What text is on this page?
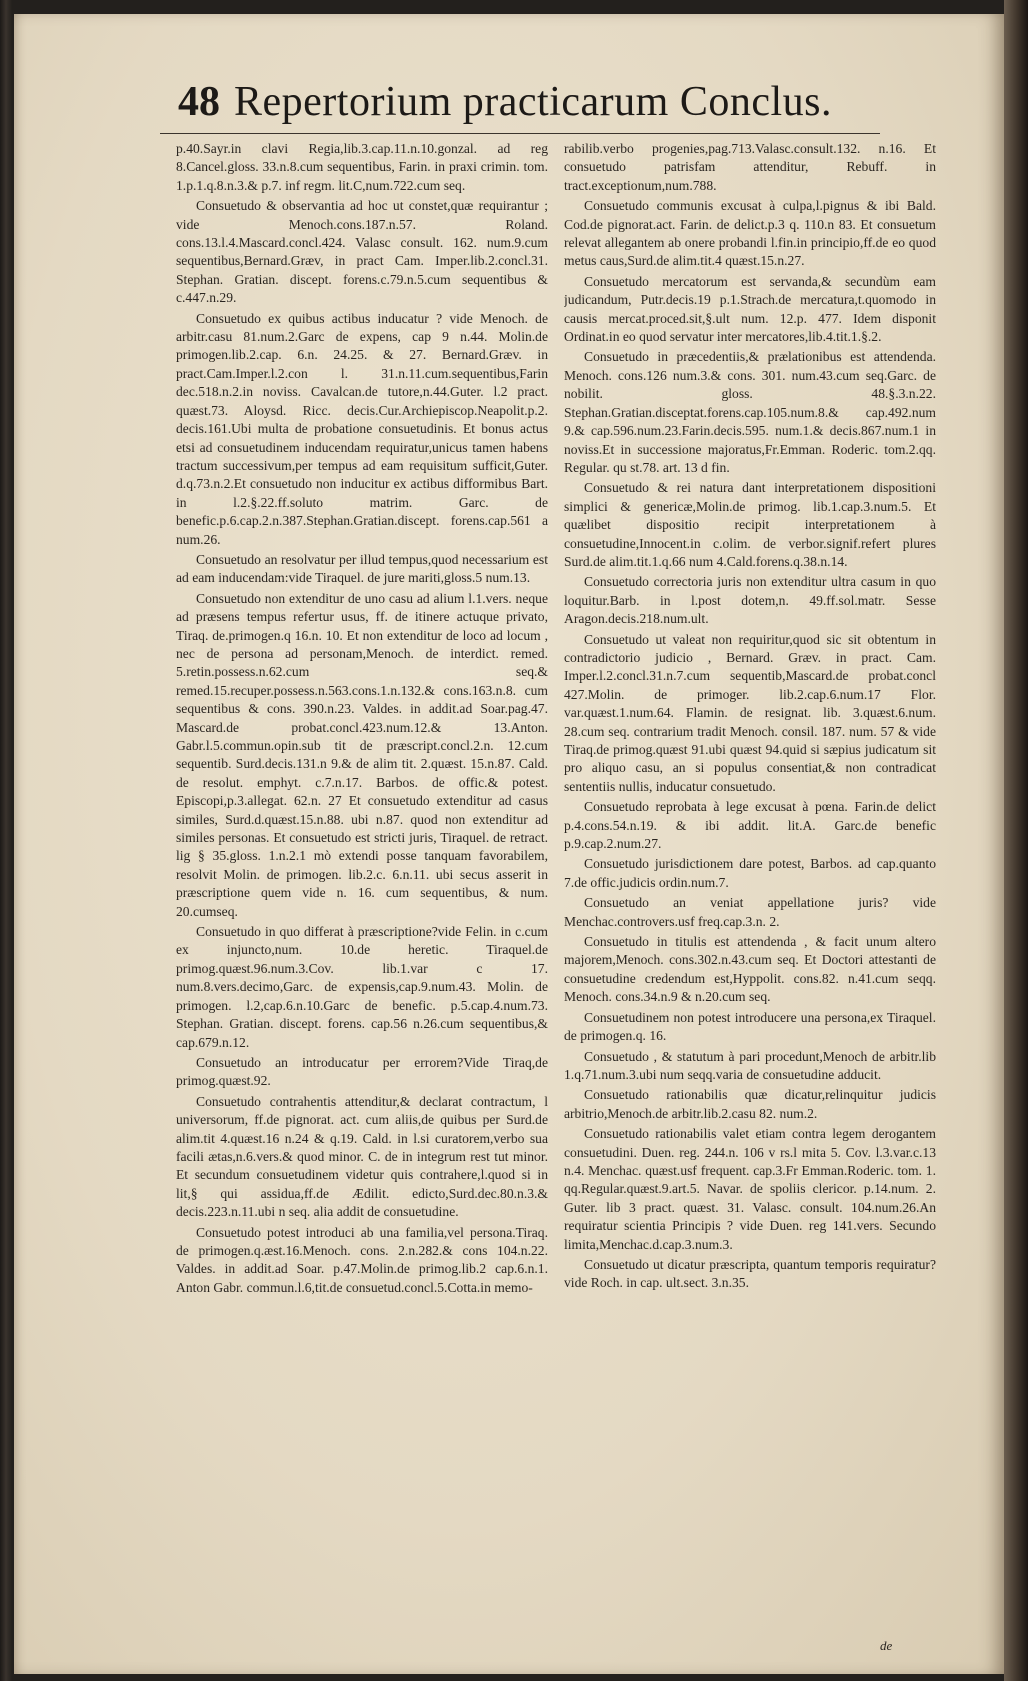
48 Repertorium practicarum Conclus.

p.40.Sayr.in clavi Regia,lib.3.cap.11.n.10.gonzal. ad reg 8.Cancel.gloss. 33.n.8.cum sequentibus, Farin. in praxi crimin. tom. 1.p.1.q.8.n.3.& p.7. inf regm. lit.C,num.722.cum seq.

Consuetudo & observantia ad hoc ut constet,quæ requirantur ; vide Menoch.cons.187.n.57. Roland. cons.13.l.4.Mascard.concl.424. Valasc consult. 162. num.9.cum sequentibus,Bernard.Græv, in pract Cam. Imper.lib.2.concl.31. Stephan. Gratian. discept. forens.c.79.n.5.cum sequentibus & c.447.n.29.

Consuetudo ex quibus actibus inducatur ? vide Menoch. de arbitr.casu 81.num.2.Garc de expens, cap 9 n.44. Molin.de primogen.lib.2.cap. 6.n. 24.25. & 27. Bernard.Græv. in pract.Cam.Imper.l.2.con l. 31.n.11.cum.sequentibus,Farin dec.518.n.2.in noviss. Cavalcan.de tutore,n.44.Guter. l.2 pract. quæst.73. Aloysd. Ricc. decis.Cur.Archiepiscop.Neapolit.p.2. decis.161.Ubi multa de probatione consuetudinis. Et bonus actus etsi ad consuetudinem inducendam requiratur,unicus tamen habens tractum successivum,per tempus ad eam requisitum sufficit,Guter. d.q.73.n.2.Et consuetudo non inducitur ex actibus difformibus Bart. in l.2.§.22.ff.soluto matrim. Garc. de benefic.p.6.cap.2.n.387.Stephan.Gratian.discept. forens.cap.561 a num.26.

Consuetudo an resolvatur per illud tempus,quod necessarium est ad eam inducendam:vide Tiraquel. de jure mariti,gloss.5 num.13.

Consuetudo non extenditur de uno casu ad alium l.1.vers. neque ad præsens tempus refertur usus, ff. de itinere actuque privato, Tiraq. de.primogen.q 16.n. 10. Et non extenditur de loco ad locum , nec de persona ad personam,Menoch. de interdict. remed. 5.retin.possess.n.62.cum seq.& remed.15.recuper.possess.n.563.cons.1.n.132.& cons.163.n.8. cum sequentibus & cons. 390.n.23. Valdes. in addit.ad Soar.pag.47. Mascard.de probat.concl.423.num.12.& 13.Anton. Gabr.l.5.commun.opin.sub tit de præscript.concl.2.n. 12.cum sequentib. Surd.decis.131.n 9.& de alim tit. 2.quæst. 15.n.87. Cald. de resolut. emphyt. c.7.n.17. Barbos. de offic.& potest. Episcopi,p.3.allegat. 62.n. 27 Et consuetudo extenditur ad casus similes, Surd.d.quæst.15.n.88. ubi n.87. quod non extenditur ad similes personas. Et consuetudo est stricti juris, Tiraquel. de retract. lig § 35.gloss. 1.n.2.1 mò extendi posse tanquam favorabilem, resolvit Molin. de primogen. lib.2.c. 6.n.11. ubi secus asserit in præscriptione quem vide n. 16. cum sequentibus, & num. 20.cumseq.

Consuetudo in quo differat à præscriptione?vide Felin. in c.cum ex injuncto,num. 10.de heretic. Tiraquel.de primog.quæst.96.num.3.Cov. lib.1.var c 17. num.8.vers.decimo,Garc. de expensis,cap.9.num.43. Molin. de primogen. l.2,cap.6.n.10.Garc de benefic. p.5.cap.4.num.73. Stephan. Gratian. discept. forens. cap.56 n.26.cum sequentibus,& cap.679.n.12.

Consuetudo an introducatur per errorem?Vide Tiraq,de primog.quæst.92.

Consuetudo contrahentis attenditur,& declarat contractum, l universorum, ff.de pignorat. act. cum aliis,de quibus per Surd.de alim.tit 4.quæst.16 n.24 & q.19. Cald. in l.si curatorem,verbo sua facili ætas,n.6.vers.& quod minor. C. de in integrum rest tut minor. Et secundum consuetudinem videtur quis contrahere,l.quod si in lit,§ qui assidua,ff.de Ædilit. edicto,Surd.dec.80.n.3.& decis.223.n.11.ubi n seq. alia addit de consuetudine.

Consuetudo potest introduci ab una familia,vel persona.Tiraq. de primogen.q.æst.16.Menoch. cons. 2.n.282.& cons 104.n.22. Valdes. in addit.ad Soar. p.47.Molin.de primog.lib.2 cap.6.n.1. Anton Gabr. commun.l.6,tit.de consuetud.concl.5.Cotta.in memo-

rabilib.verbo progenies,pag.713.Valasc.consult.132. n.16. Et consuetudo patrisfam attenditur, Rebuff. in tract.exceptionum,num.788.

Consuetudo communis excusat à culpa,l.pignus & ibi Bald. Cod.de pignorat.act. Farin. de delict.p.3 q. 110.n 83. Et consuetum relevat allegantem ab onere probandi l.fin.in principio,ff.de eo quod metus caus,Surd.de alim.tit.4 quæst.15.n.27.

Consuetudo mercatorum est servanda,& secundùm eam judicandum, Putr.decis.19 p.1.Strach.de mercatura,t.quomodo in causis mercat.proced.sit,§.ult num. 12.p. 477. Idem disponit Ordinat.in eo quod servatur inter mercatores,lib.4.tit.1.§.2.

Consuetudo in præcedentiis,& prælationibus est attendenda. Menoch. cons.126 num.3.& cons. 301. num.43.cum seq.Garc. de nobilit. gloss. 48.§.3.n.22. Stephan.Gratian.disceptat.forens.cap.105.num.8.& cap.492.num 9.& cap.596.num.23.Farin.decis.595. num.1.& decis.867.num.1 in noviss.Et in successione majoratus,Fr.Emman. Roderic. tom.2.qq. Regular. qu st.78. art. 13 d fin.

Consuetudo & rei natura dant interpretationem dispositioni simplici & genericæ,Molin.de primog. lib.1.cap.3.num.5. Et quælibet dispositio recipit interpretationem à consuetudine,Innocent.in c.olim. de verbor.signif.refert plures Surd.de alim.tit.1.q.66 num 4.Cald.forens.q.38.n.14.

Consuetudo correctoria juris non extenditur ultra casum in quo loquitur.Barb. in l.post dotem,n. 49.ff.sol.matr. Sesse Aragon.decis.218.num.ult.

Consuetudo ut valeat non requiritur,quod sic sit obtentum in contradictorio judicio , Bernard. Græv. in pract. Cam. Imper.l.2.concl.31.n.7.cum sequentib,Mascard.de probat.concl 427.Molin. de primoger. lib.2.cap.6.num.17 Flor. var.quæst.1.num.64. Flamin. de resignat. lib. 3.quæst.6.num. 28.cum seq. contrarium tradit Menoch. consil. 187. num. 57 & vide Tiraq.de primog.quæst 91.ubi quæst 94.quid si sæpius judicatum sit pro aliquo casu, an si populus consentiat,& non contradicat sententiis nullis, inducatur consuetudo.

Consuetudo reprobata à lege excusat à pœna. Farin.de delict p.4.cons.54.n.19. & ibi addit. lit.A. Garc.de benefic p.9.cap.2.num.27.

Consuetudo jurisdictionem dare potest, Barbos. ad cap.quanto 7.de offic.judicis ordin.num.7.

Consuetudo an veniat appellatione juris? vide Menchac.controvers.usf freq.cap.3.n. 2.

Consuetudo in titulis est attendenda , & facit unum altero majorem,Menoch. cons.302.n.43.cum seq. Et Doctori attestanti de consuetudine credendum est,Hyppolit. cons.82. n.41.cum seqq. Menoch. cons.34.n.9 & n.20.cum seq.

Consuetudinem non potest introducere una persona,ex Tiraquel. de primogen.q. 16.

Consuetudo , & statutum à pari procedunt,Menoch de arbitr.lib 1.q.71.num.3.ubi num seqq.varia de consuetudine adducit.

Consuetudo rationabilis quæ dicatur,relinquitur judicis arbitrio,Menoch.de arbitr.lib.2.casu 82. num.2.

Consuetudo rationabilis valet etiam contra legem derogantem consuetudini. Duen. reg. 244.n. 106 v rs.l mita 5. Cov. l.3.var.c.13 n.4. Menchac. quæst.usf frequent. cap.3.Fr Emman.Roderic. tom. 1. qq.Regular.quæst.9.art.5. Navar. de spoliis clericor. p.14.num. 2. Guter. lib 3 pract. quæst. 31. Valasc. consult. 104.num.26.An requiratur scientia Principis ? vide Duen. reg 141.vers. Secundo limita,Menchac.d.cap.3.num.3.

Consuetudo ut dicatur præscripta, quantum temporis requiratur?vide Roch. in cap. ult.sect. 3.n.35.

de
